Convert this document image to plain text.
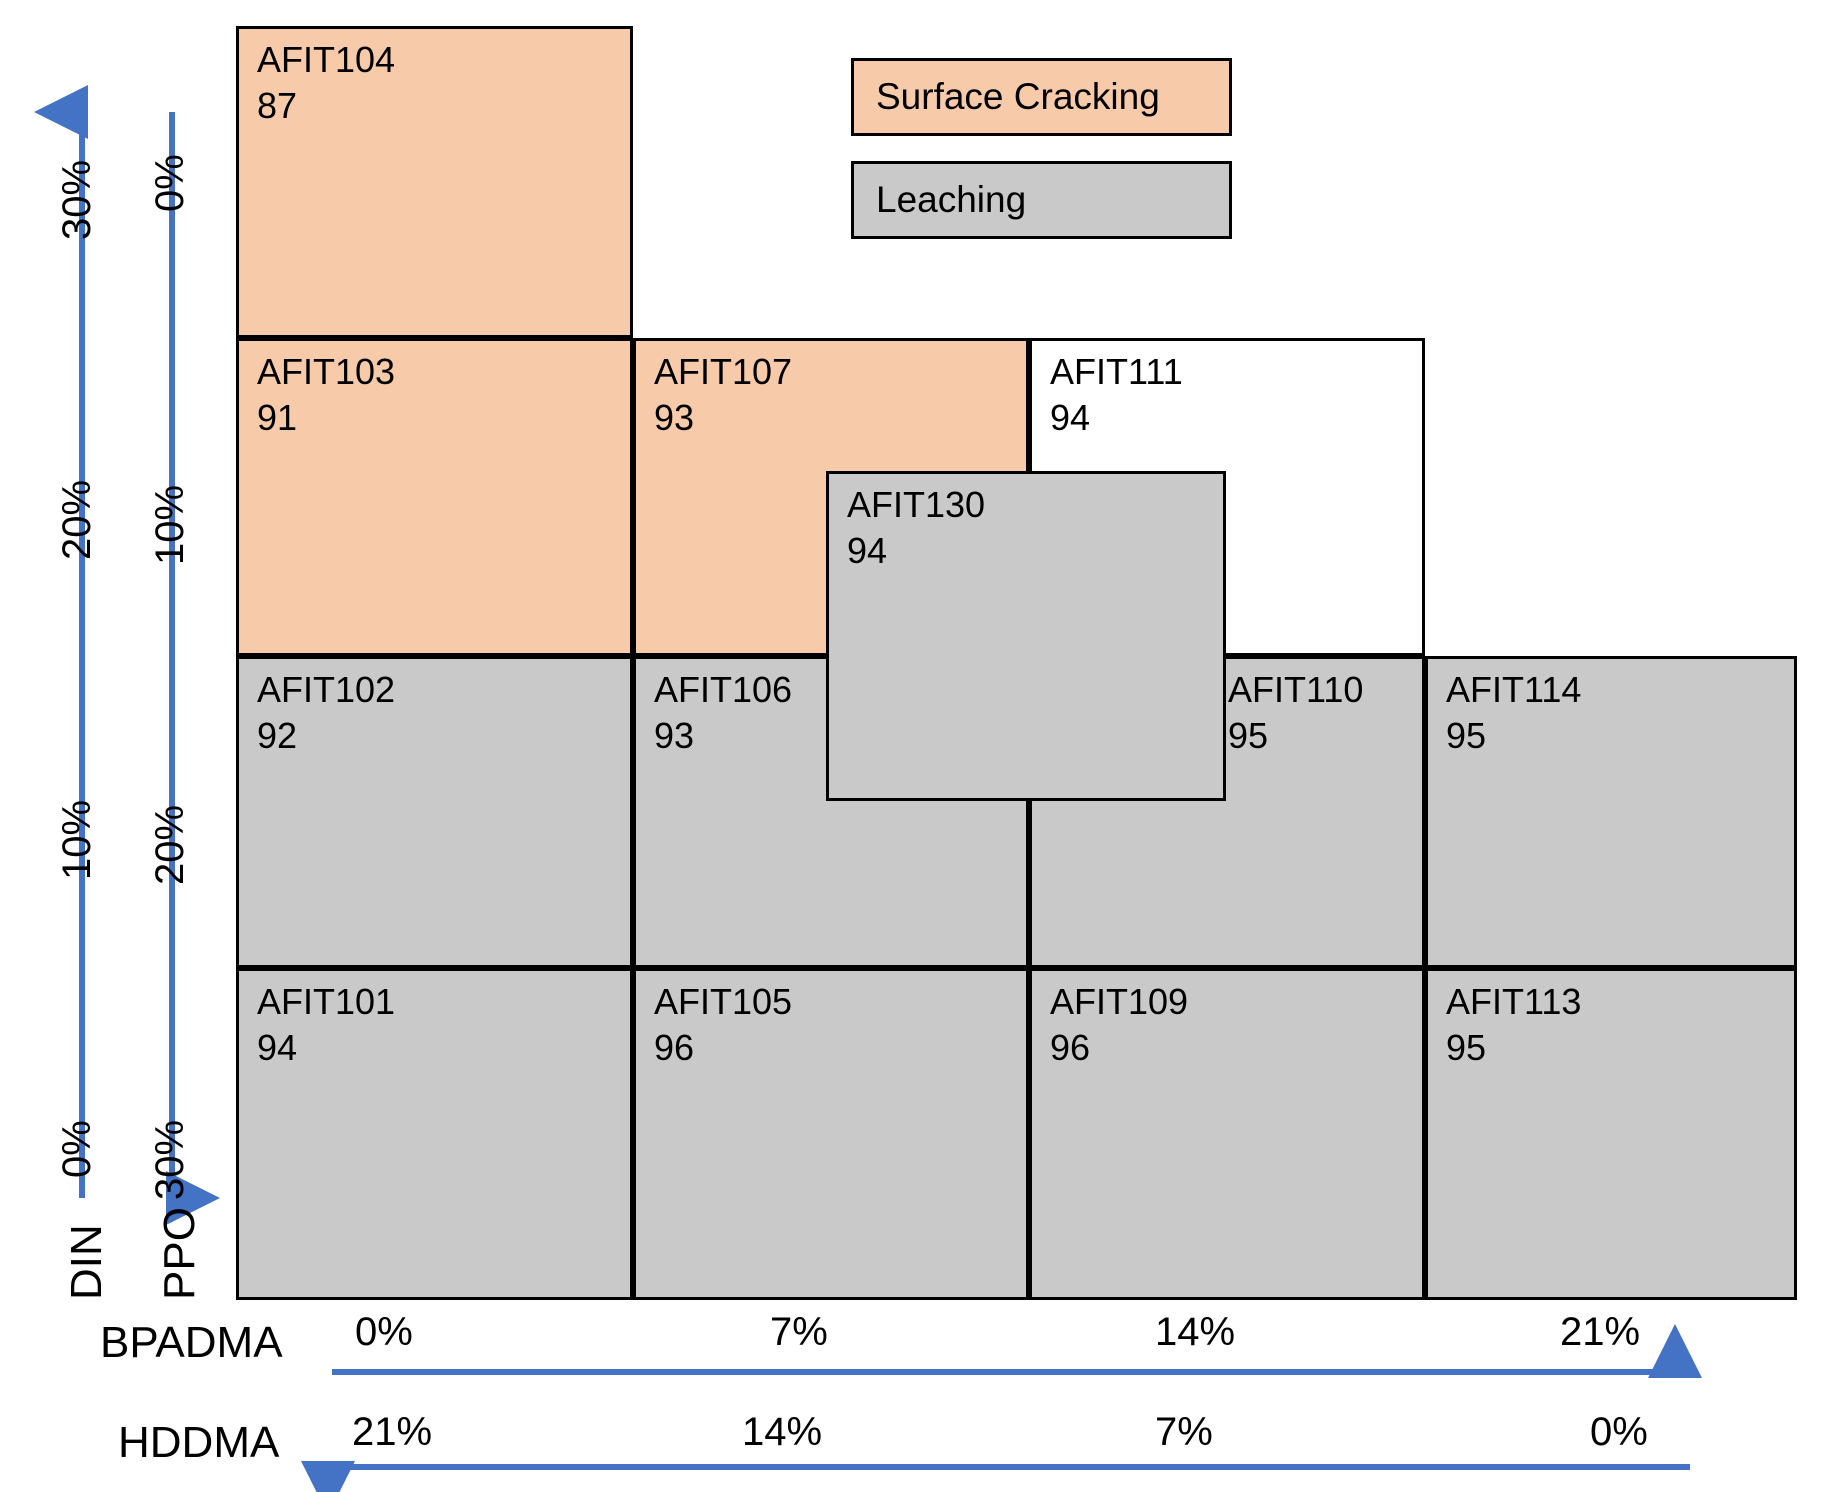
AFIT104
87
AFIT103
91
AFIT107
93
AFIT111
94
AFIT102
92
AFIT106
93
AFIT110
95
AFIT114
95
AFIT101
94
AFIT105
96
AFIT109
96
AFIT113
95
AFIT130
94
Surface Cracking
Leaching
30%
20%
10%
0%
0%
10%
20%
30%
DIN PPO
BPADMA 0%	7%	14%	21%
HDDMA 21%	14%	7%	0%
